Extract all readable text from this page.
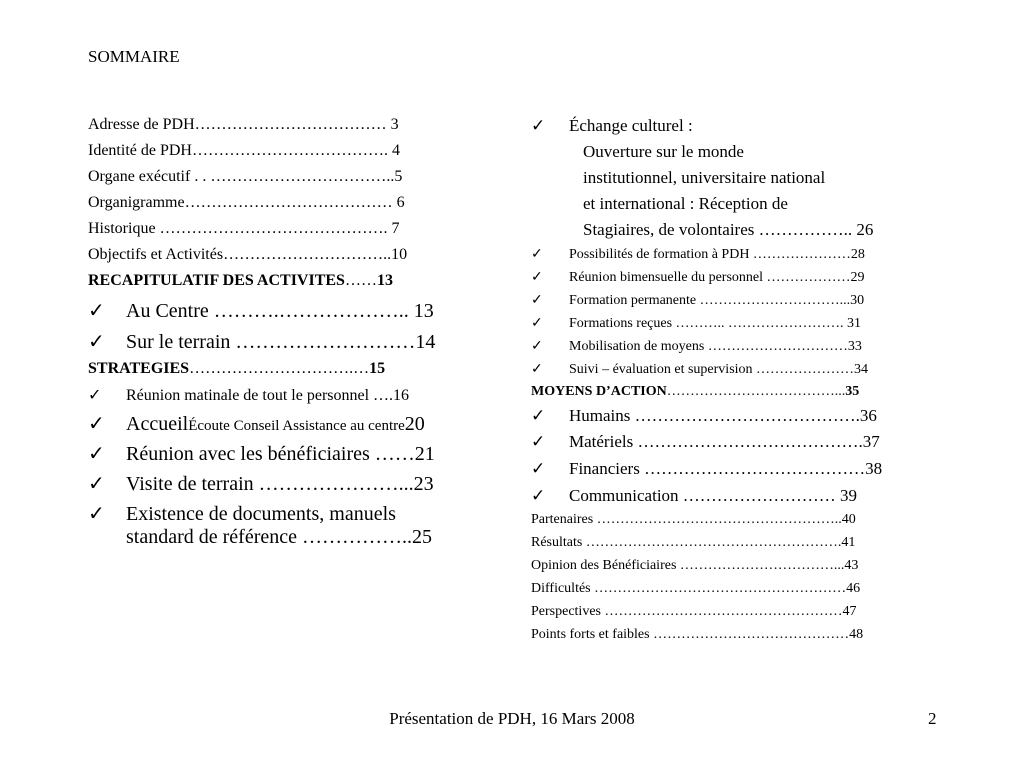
SOMMAIRE
Adresse de PDH……………………………… 3
Identité de PDH………………………………. 4
Organe exécutif . . ……………………………..5
Organigramme………………………………… 6
Historique ……………………………………. 7
Objectifs et Activités…………………………..10
RECAPITULATIF DES ACTIVITES …… 13
✓	Au Centre ……….……………….. 13
✓	Sur le terrain ………………………14
STRATEGIES ………………………….… 15
✓	Réunion matinale de tout le personnel ….16
✓	Accueil Écoute Conseil Assistance au centre 20
✓	Réunion avec les bénéficiaires ……21
✓	Visite de terrain …………………...23
✓	Existence de documents, manuels
standard de référence ……………..25
✓	Échange culturel :
Ouverture sur le monde
institutionnel, universitaire national
et international : Réception de
Stagiaires, de volontaires …………….. 26
✓	Possibilités de formation à PDH …………………28
✓	Réunion bimensuelle du personnel ………………29
✓	Formation permanente …………………………...30
✓	Formations reçues ……….. ……………………. 31
✓	Mobilisation de moyens …………………………33
✓	Suivi – évaluation et supervision …………………34
MOYENS D’ACTION ………………………………... 35
✓	Humains ………………………………….36
✓	Matériels ………………………………….37
✓	Financiers …………………………………38
✓	Communication ……………………… 39
Partenaires ……………………………………………..40
Résultats ……………………………………………….41
Opinion des Bénéficiaires ……………………………...43
Difficultés ………………………………………………46
Perspectives ……………………………………………47
Points forts et faibles ……………………………………48
Présentation de PDH, 16 Mars 2008	2
